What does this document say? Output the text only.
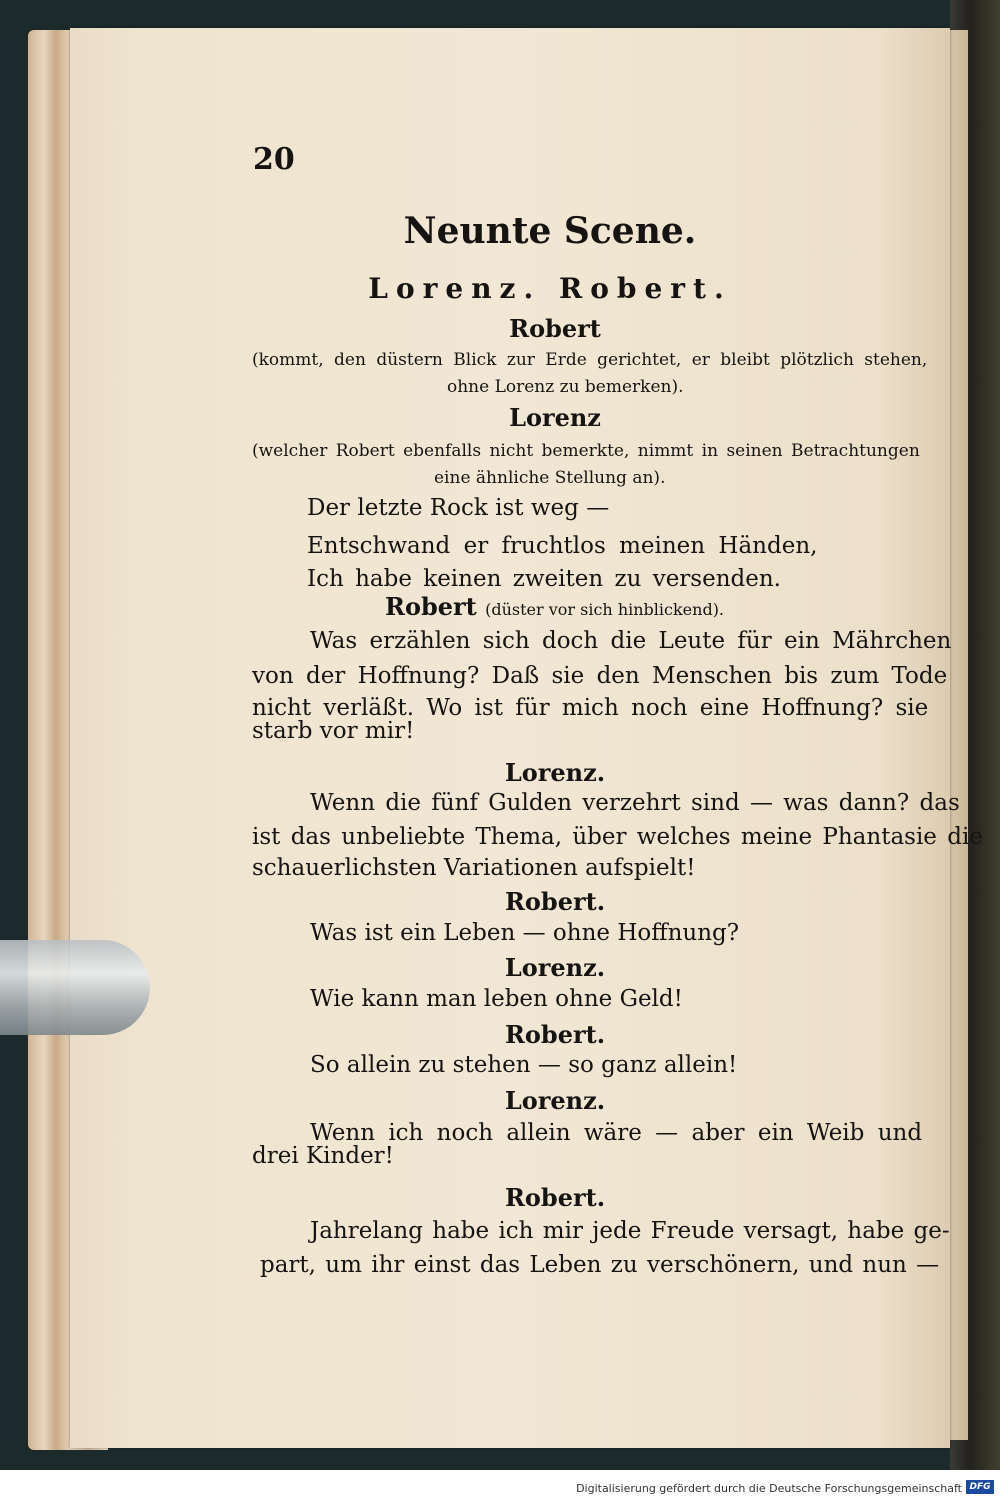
20
Neunte Scene.
Lorenz. Robert.
Robert
(kommt, den düstern Blick zur Erde gerichtet, er bleibt plötzlich stehen,
ohne Lorenz zu bemerken).
Lorenz
(welcher Robert ebenfalls nicht bemerkte, nimmt in seinen Betrachtungen
eine ähnliche Stellung an).
Der letzte Rock ist weg —
Entschwand er fruchtlos meinen Händen,
Ich habe keinen zweiten zu versenden.
Robert (düster vor sich hinblickend).
Was erzählen sich doch die Leute für ein Mährchen
von der Hoffnung? Daß sie den Menschen bis zum Tode
nicht verläßt. Wo ist für mich noch eine Hoffnung? sie
starb vor mir!
Lorenz.
Wenn die fünf Gulden verzehrt sind — was dann? das
ist das unbeliebte Thema, über welches meine Phantasie die
schauerlichsten Variationen aufspielt!
Robert.
Was ist ein Leben — ohne Hoffnung?
Lorenz.
Wie kann man leben ohne Geld!
Robert.
So allein zu stehen — so ganz allein!
Lorenz.
Wenn ich noch allein wäre — aber ein Weib und
drei Kinder!
Robert.
Jahrelang habe ich mir jede Freude versagt, habe ge-
part, um ihr einst das Leben zu verschönern, und nun —
Digitalisierung gefördert durch die Deutsche Forschungsgemeinschaft DFG
